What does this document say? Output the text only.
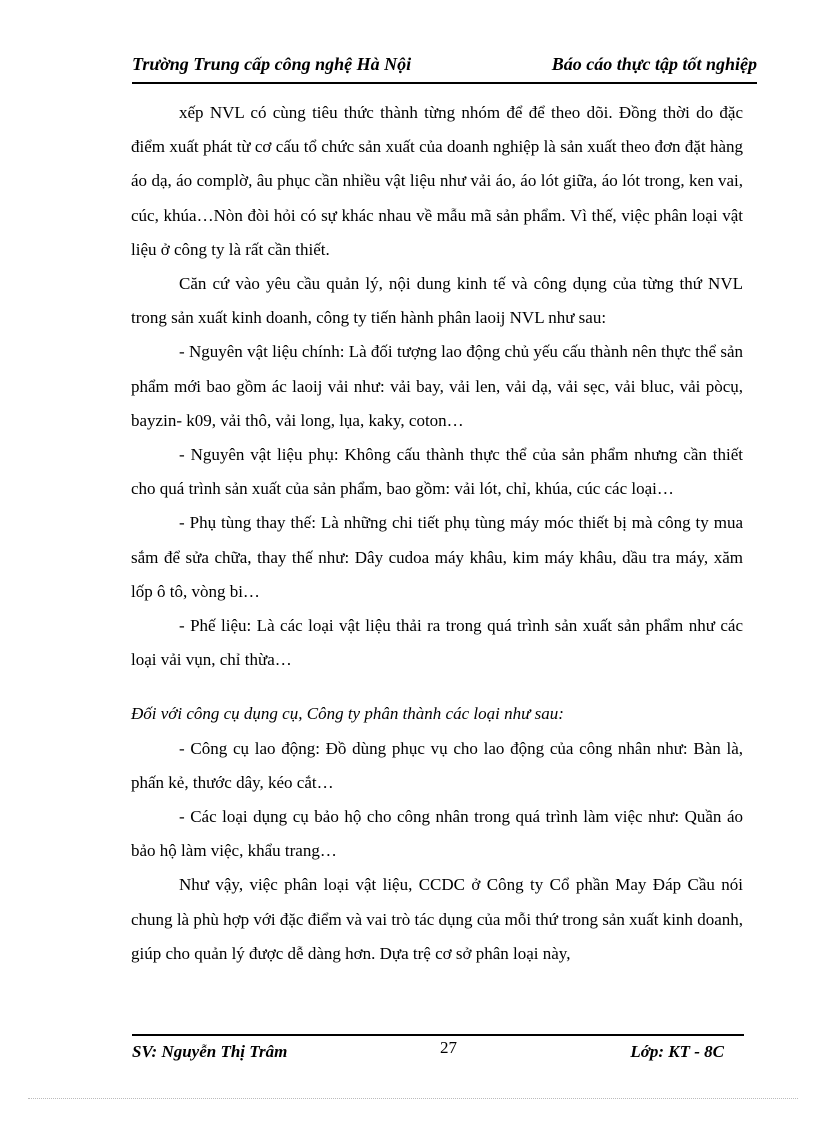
Trường Trung cấp công nghệ Hà Nội	Báo cáo thực tập tốt nghiệp

xếp NVL có cùng tiêu thức thành từng nhóm để để theo dõi. Đồng thời do đặc điểm xuất phát từ cơ cấu tổ chức sản xuất của doanh nghiệp là sản xuất theo đơn đặt hàng áo dạ, áo complờ, âu phục cần nhiều vật liệu như vải áo, áo lót giữa, áo lót trong, ken vai, cúc, khúa…Nòn đòi hỏi có sự khác nhau về mẫu mã sản phẩm. Vì thế, việc phân loại vật liệu ở công ty là rất cần thiết.

Căn cứ vào yêu cầu quản lý, nội dung kinh tế và công dụng của từng thứ NVL trong sản xuất kinh doanh, công ty tiến hành phân laoij NVL như sau:

- Nguyên vật liệu chính: Là đối tượng lao động chủ yếu cấu thành nên thực thể sản phẩm mới bao gồm ác laoij vải như: vải bay, vải len, vải dạ, vải sẹc, vải bluc, vải pòcụ, bayzin- k09, vải thô, vải long, lụa, kaky, coton…

- Nguyên vật liệu phụ: Không cấu thành thực thể của sản phẩm nhưng cần thiết cho quá trình sản xuất của sản phẩm, bao gồm: vải lót, chỉ, khúa, cúc các loại…

- Phụ tùng thay thế: Là những chi tiết phụ tùng máy móc thiết bị mà công ty mua sắm để sửa chữa, thay thế như: Dây cudoa máy khâu, kim máy khâu, dầu tra máy, xăm lốp ô tô, vòng bi…

- Phế liệu: Là các loại vật liệu thải ra trong quá trình sản xuất sản phẩm như các loại vải vụn, chỉ thừa…

Đối với công cụ dụng cụ, Công ty phân thành các loại như sau:

- Công cụ lao động: Đồ dùng phục vụ cho lao động của công nhân như: Bàn là, phấn kẻ, thước dây, kéo cắt…

- Các loại dụng cụ bảo hộ cho công nhân trong quá trình làm việc như: Quần áo bảo hộ làm việc, khẩu trang…

Như vậy, việc phân loại vật liệu, CCDC ở Công ty Cổ phần May Đáp Cầu nói chung là phù hợp với đặc điểm và vai trò tác dụng của mỗi thứ trong sản xuất kinh doanh, giúp cho quản lý được dễ dàng hơn. Dựa trệ cơ sở phân loại này,

SV: Nguyễn Thị Trâm	27	Lớp: KT - 8C
